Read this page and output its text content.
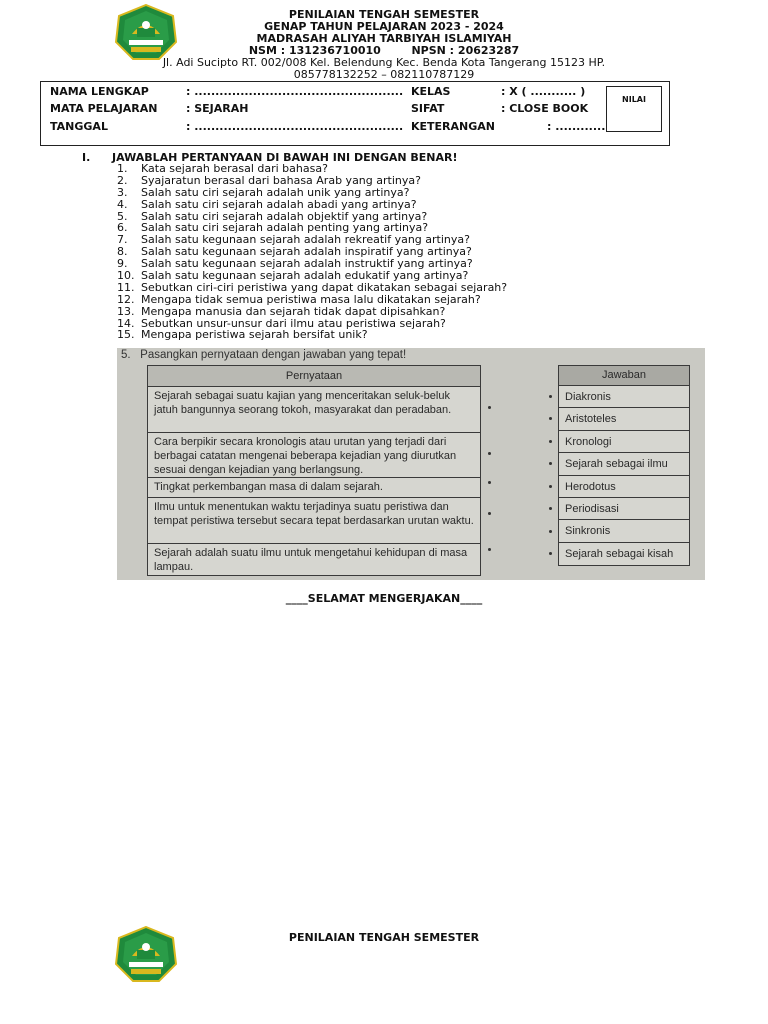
PENILAIAN TENGAH SEMESTER
GENAP TAHUN PELAJARAN 2023 - 2024
MADRASAH ALIYAH TARBIYAH ISLAMIYAH
NSM : 131236710010        NPSN : 20623287
Jl. Adi Sucipto RT. 002/008 Kel. Belendung Kec. Benda Kota Tangerang 15123 HP.
085778132252 – 082110787129
NAMA LENGKAP	: ..................................................
MATA PELAJARAN	: SEJARAH
TANGGAL	: ..................................................
KELAS	: X ( ........... )
SIFAT	: CLOSE BOOK
KETERANGAN	: ............
NILAI
I. JAWABLAH PERTANYAAN DI BAWAH INI DENGAN BENAR!
1. Kata sejarah berasal dari bahasa?
2. Syajaratun berasal dari bahasa Arab yang artinya?
3. Salah satu ciri sejarah adalah unik yang artinya?
4. Salah satu ciri sejarah adalah abadi yang artinya?
5. Salah satu ciri sejarah adalah objektif yang artinya?
6. Salah satu ciri sejarah adalah penting yang artinya?
7. Salah satu kegunaan sejarah adalah rekreatif yang artinya?
8. Salah satu kegunaan sejarah adalah inspiratif yang artinya?
9. Salah satu kegunaan sejarah adalah instruktif yang artinya?
10. Salah satu kegunaan sejarah adalah edukatif yang artinya?
11. Sebutkan ciri-ciri peristiwa yang dapat dikatakan sebagai sejarah?
12. Mengapa tidak semua peristiwa masa lalu dikatakan sejarah?
13. Mengapa manusia dan sejarah tidak dapat dipisahkan?
14. Sebutkan unsur-unsur dari ilmu atau peristiwa sejarah?
15. Mengapa peristiwa sejarah bersifat unik?
5.   Pasangkan pernyataan dengan jawaban yang tepat!
Pernyataan
Sejarah sebagai suatu kajian yang menceritakan seluk-beluk jatuh bangunnya seorang tokoh, masyarakat dan peradaban.
Cara berpikir secara kronologis atau urutan yang terjadi dari berbagai catatan mengenai beberapa kejadian yang diurutkan sesuai dengan kejadian yang berlangsung.
Tingkat perkembangan masa di dalam sejarah.
Ilmu untuk menentukan waktu terjadinya suatu peristiwa dan tempat peristiwa tersebut secara tepat berdasarkan urutan waktu.
Sejarah adalah suatu ilmu untuk mengetahui kehidupan di masa lampau.
Jawaban
Diakronis
Aristoteles
Kronologi
Sejarah sebagai ilmu
Herodotus
Periodisasi
Sinkronis
Sejarah sebagai kisah
____SELAMAT MENGERJAKAN____
PENILAIAN TENGAH SEMESTER
